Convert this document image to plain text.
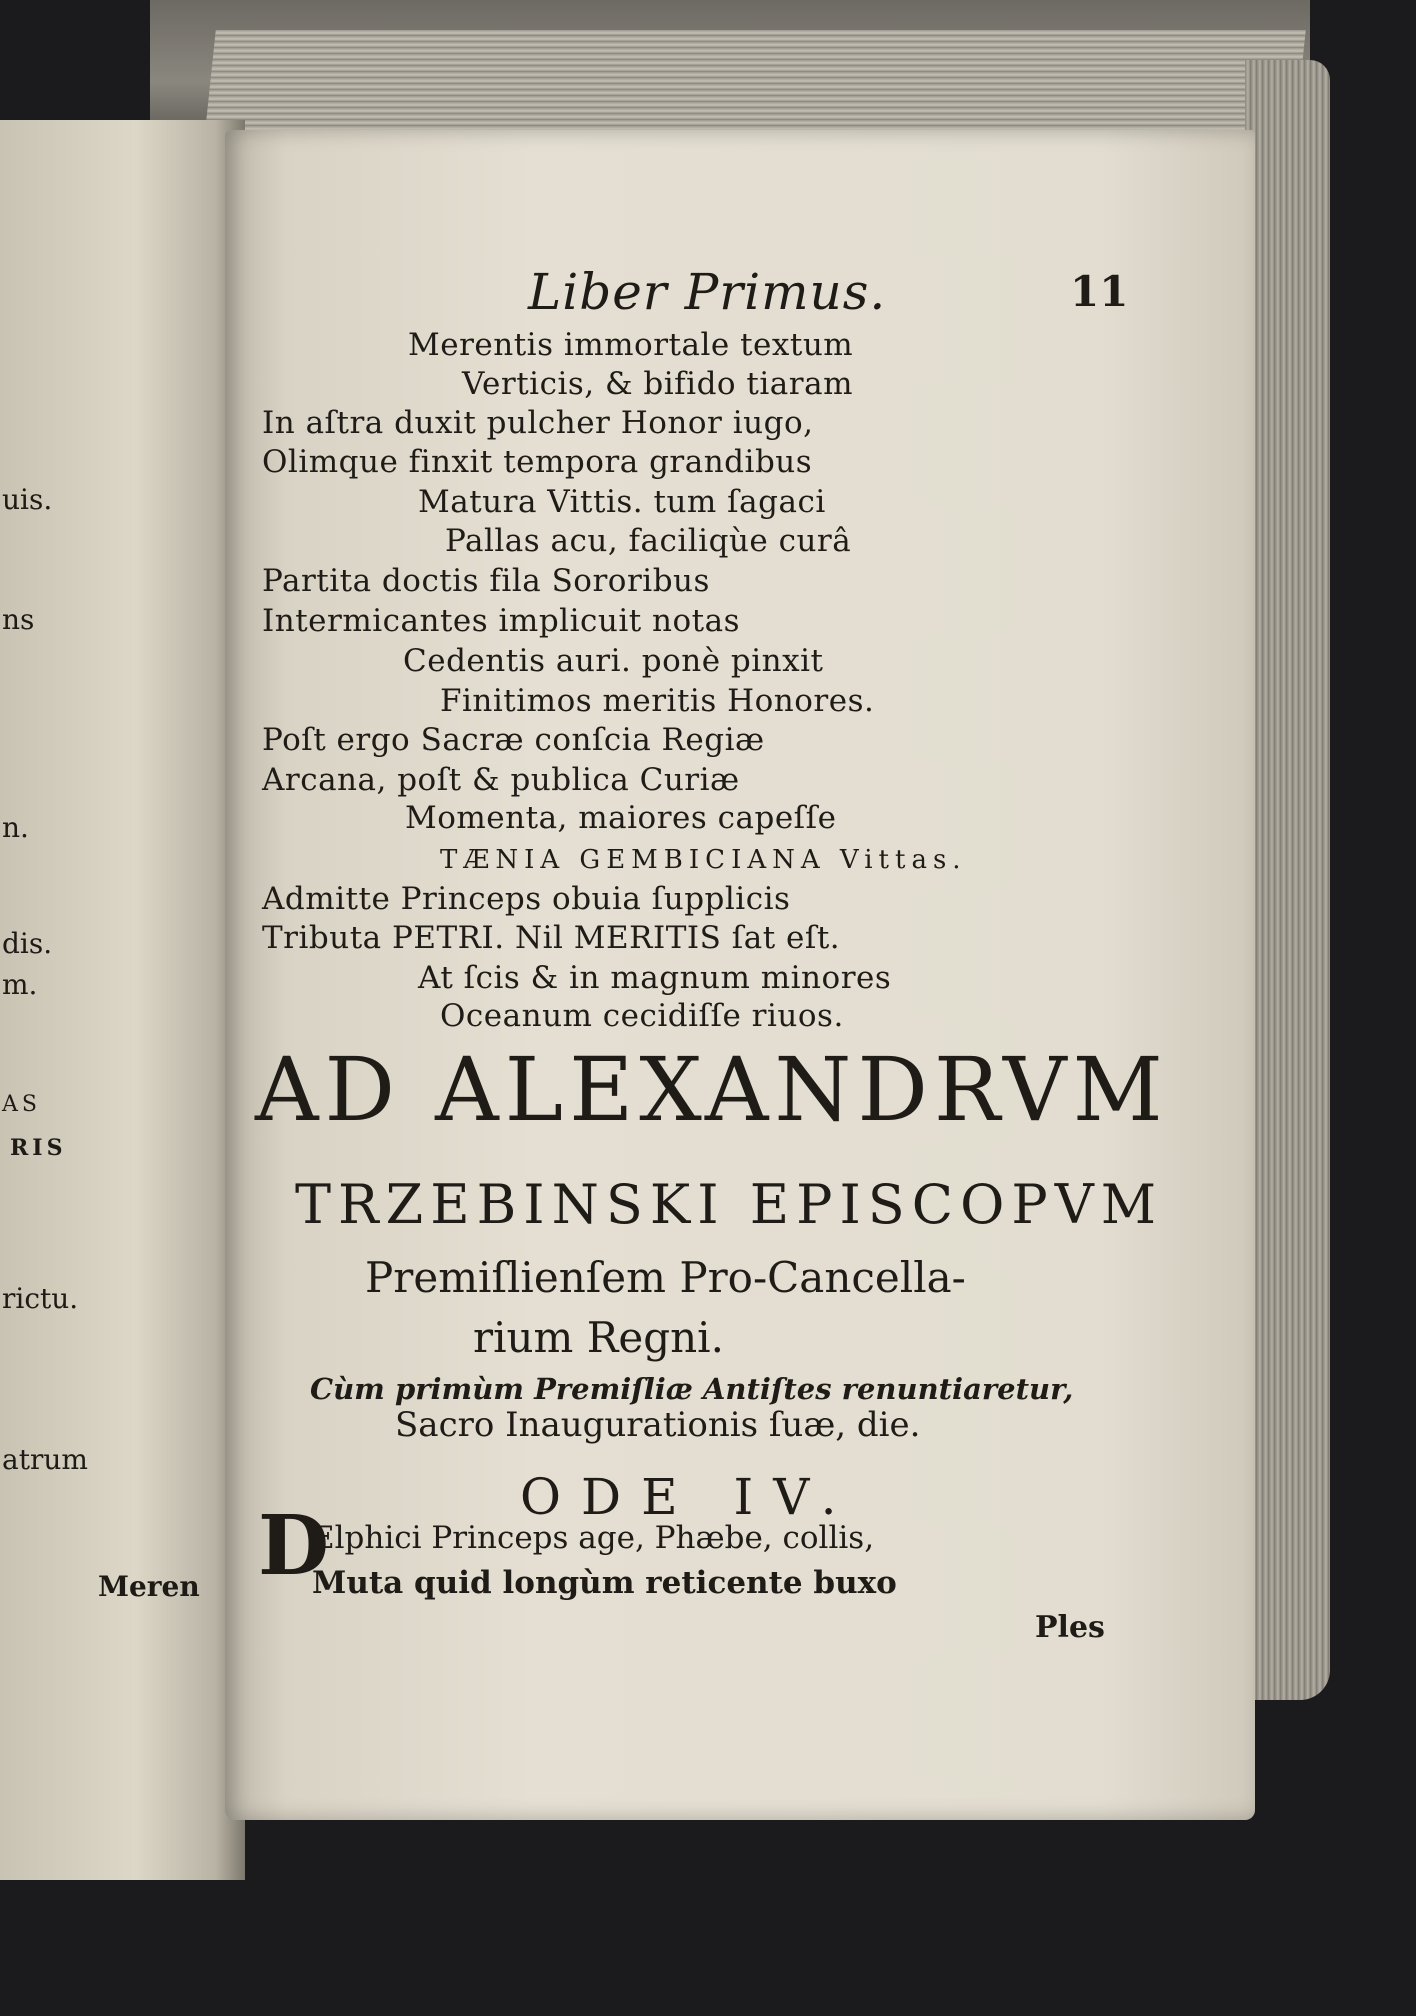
uis.
ns
n.
dis.
m.
AS
RIS
rictu.
atrum
Meren
Liber Primus.	11
Merentis immortale textum
Verticis, & bifido tiaram
In aſtra duxit pulcher Honor iugo,
Olimque finxit tempora grandibus
Matura Vittis. tum ſagaci
Pallas acu, faciliqùe curâ
Partita doctis fila Sororibus
Intermicantes implicuit notas
Cedentis auri. ponè pinxit
Finitimos meritis Honores.
Poſt ergo Sacræ conſcia Regiæ
Arcana, poſt & publica Curiæ
Momenta, maiores capeſſe
TÆNIA GEMBICIANA Vittas.
Admitte Princeps obuia ſupplicis
Tributa PETRI. Nil MERITIS ſat eſt.
At ſcis & in magnum minores
Oceanum cecidiſſe riuos.
AD ALEXANDRVM
TRZEBINSKI EPISCOPVM
Premiſlienſem Pro-Cancella-
rium Regni.
Cùm primùm Premiſliæ Antiſtes renuntiaretur,
Sacro Inaugurationis ſuæ, die.
ODE IV.
D
Elphici Princeps age, Phæbe, collis,
Muta quid longùm reticente buxo
Ples
